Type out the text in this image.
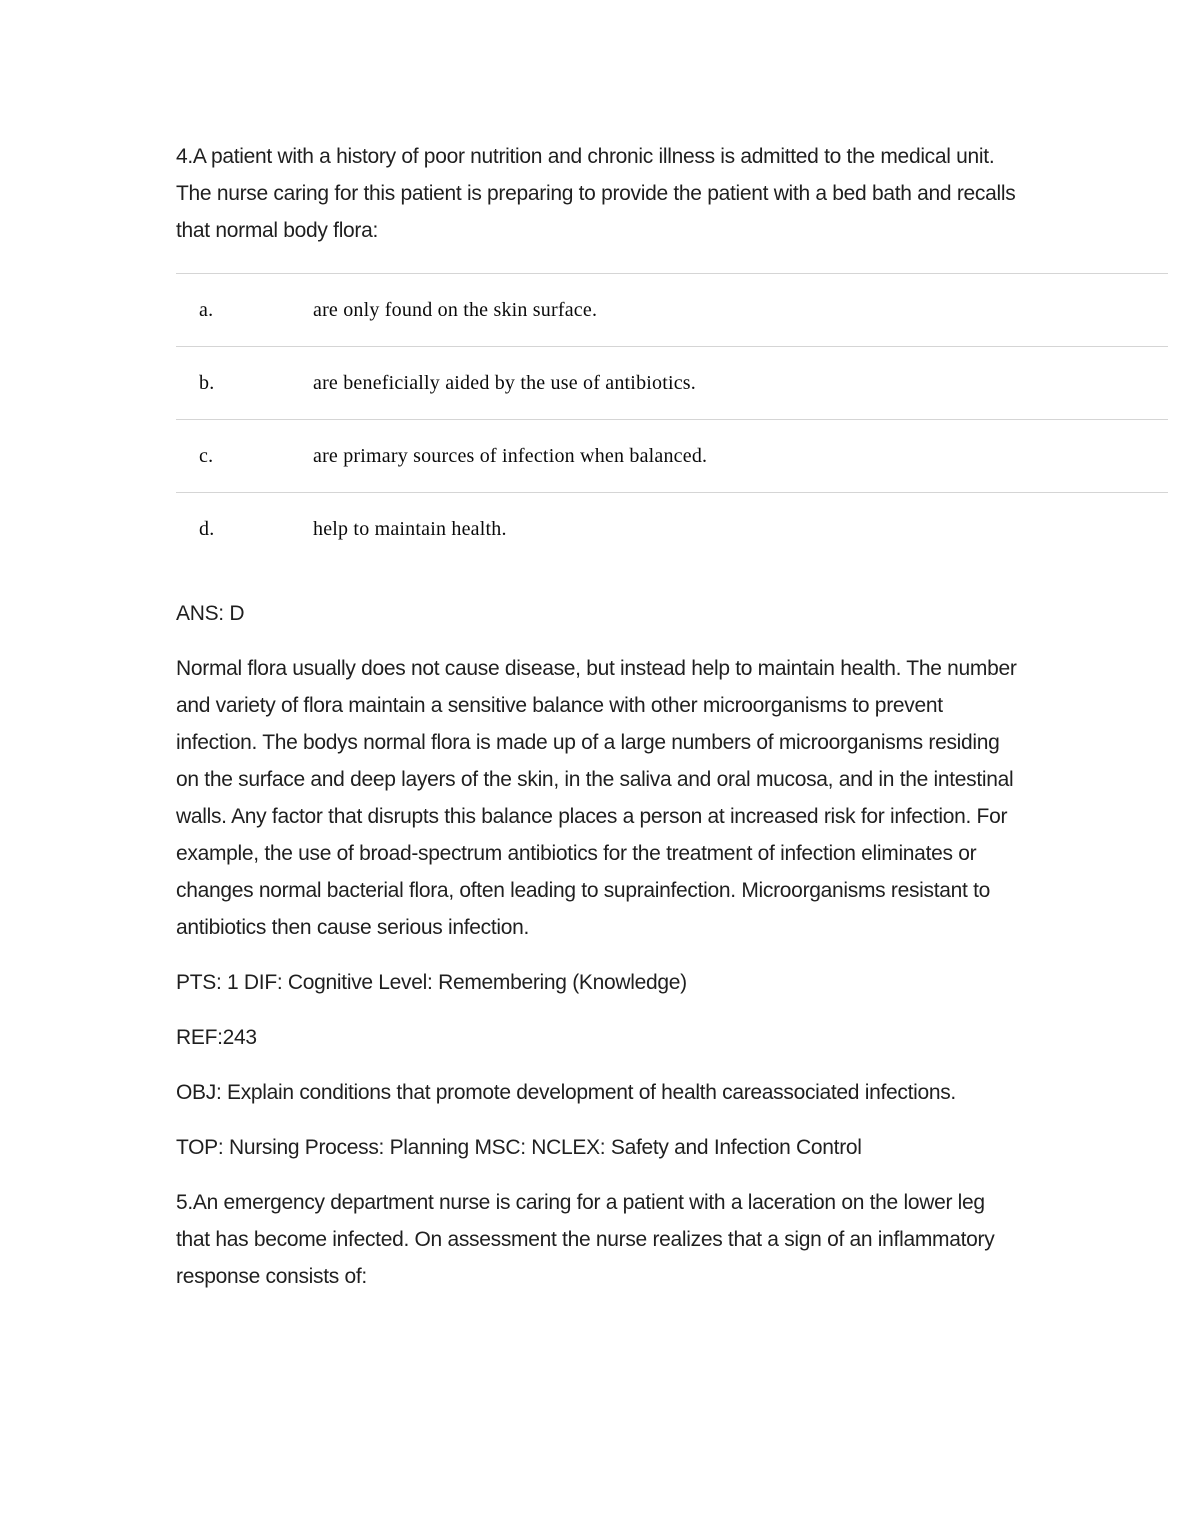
4.A patient with a history of poor nutrition and chronic illness is admitted to the medical unit. The nurse caring for this patient is preparing to provide the patient with a bed bath and recalls that normal body flora:

a.	are only found on the skin surface.
b.	are beneficially aided by the use of antibiotics.
c.	are primary sources of infection when balanced.
d.	help to maintain health.

ANS: D

Normal flora usually does not cause disease, but instead help to maintain health. The number and variety of flora maintain a sensitive balance with other microorganisms to prevent infection. The bodys normal flora is made up of a large numbers of microorganisms residing on the surface and deep layers of the skin, in the saliva and oral mucosa, and in the intestinal walls. Any factor that disrupts this balance places a person at increased risk for infection. For example, the use of broad-spectrum antibiotics for the treatment of infection eliminates or changes normal bacterial flora, often leading to suprainfection. Microorganisms resistant to antibiotics then cause serious infection.

PTS: 1 DIF: Cognitive Level: Remembering (Knowledge)

REF:243

OBJ: Explain conditions that promote development of health careassociated infections.

TOP: Nursing Process: Planning MSC: NCLEX: Safety and Infection Control

5.An emergency department nurse is caring for a patient with a laceration on the lower leg that has become infected. On assessment the nurse realizes that a sign of an inflammatory response consists of:
